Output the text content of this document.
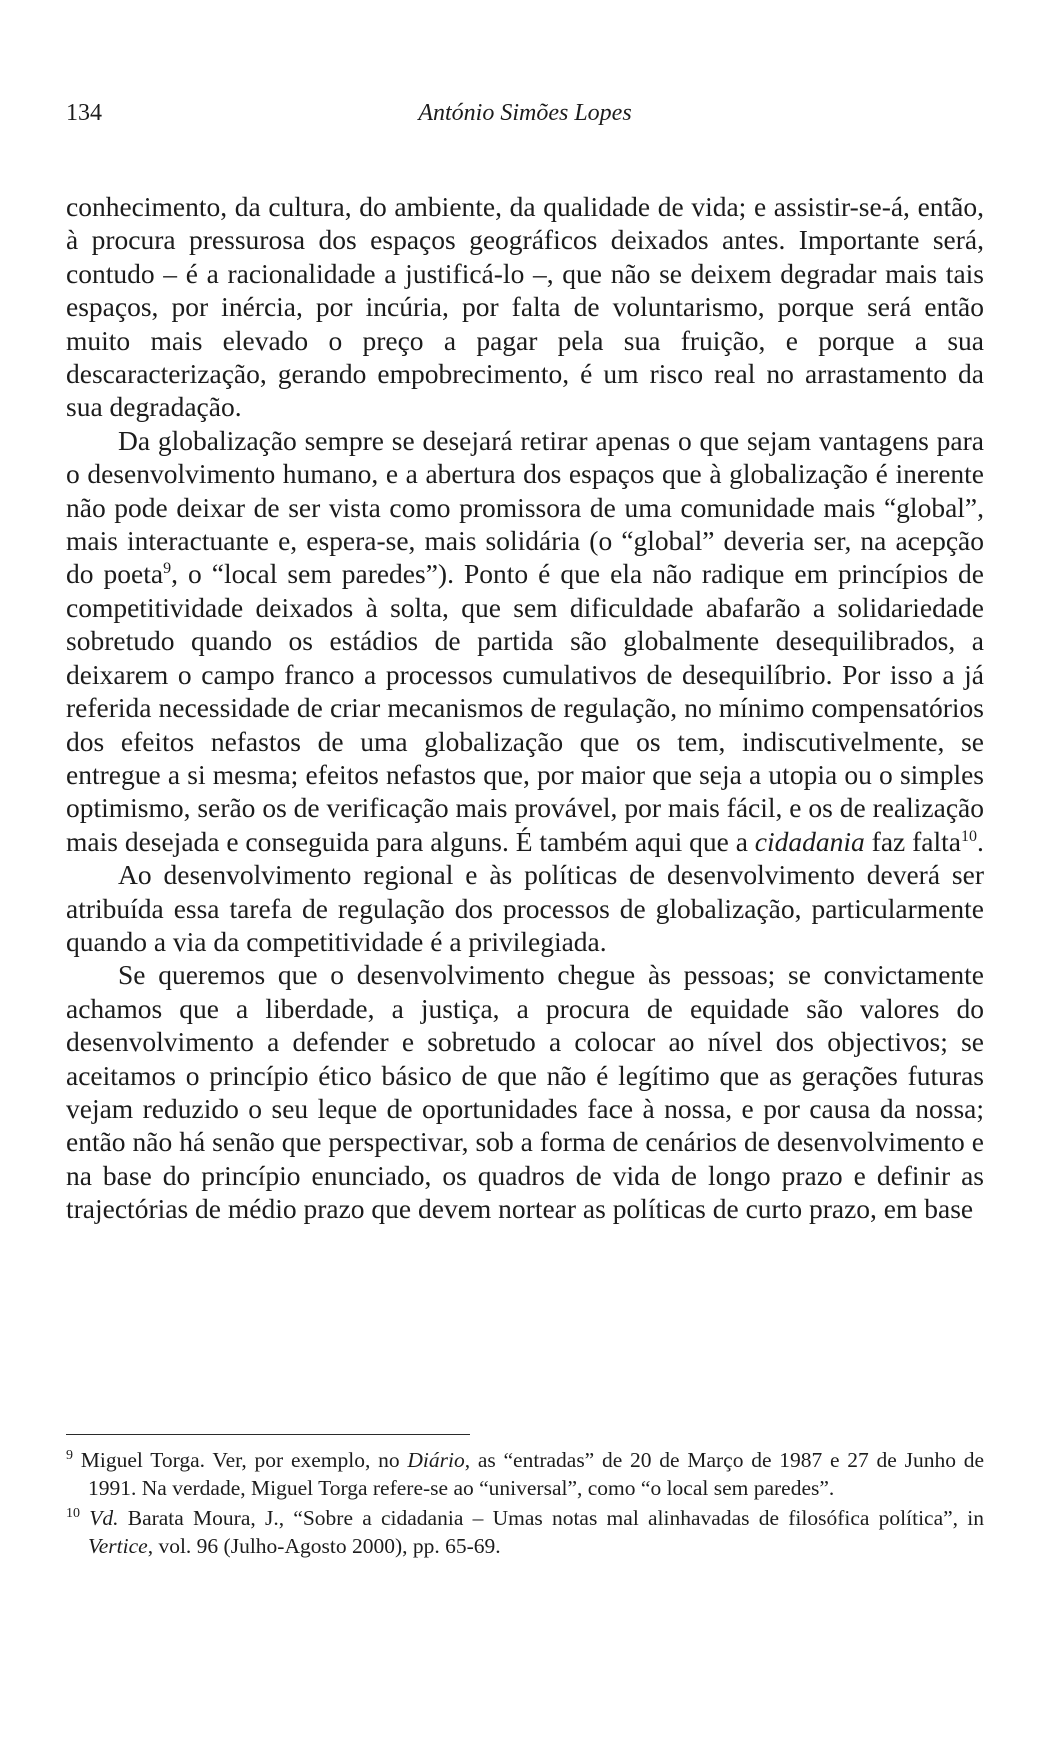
134	António Simões Lopes

conhecimento, da cultura, do ambiente, da qualidade de vida; e assistir-se-á, então, à procura pressurosa dos espaços geográficos deixados antes. Importante será, contudo – é a racionalidade a justificá-lo –, que não se deixem degradar mais tais espaços, por inércia, por incúria, por falta de voluntarismo, porque será então muito mais elevado o preço a pagar pela sua fruição, e porque a sua descaracterização, gerando empobrecimento, é um risco real no arrastamento da sua degradação.

Da globalização sempre se desejará retirar apenas o que sejam vantagens para o desenvolvimento humano, e a abertura dos espaços que à globalização é inerente não pode deixar de ser vista como promissora de uma comunidade mais “global”, mais interactuante e, espera-se, mais solidária (o “global” deveria ser, na acepção do poeta$^9$, o “local sem paredes”). Ponto é que ela não radique em princípios de competitividade deixados à solta, que sem dificuldade abafarão a solidariedade sobretudo quando os estádios de partida são globalmente desequilibrados, a deixarem o campo franco a processos cumulativos de desequilíbrio. Por isso a já referida necessidade de criar mecanismos de regulação, no mínimo compensatórios dos efeitos nefastos de uma globalização que os tem, indiscutivelmente, se entregue a si mesma; efeitos nefastos que, por maior que seja a utopia ou o simples optimismo, serão os de verificação mais provável, por mais fácil, e os de realização mais desejada e conseguida para alguns. É também aqui que a cidadania faz falta$^{10}$.

Ao desenvolvimento regional e às políticas de desenvolvimento deverá ser atribuída essa tarefa de regulação dos processos de globalização, particularmente quando a via da competitividade é a privilegiada.

Se queremos que o desenvolvimento chegue às pessoas; se convictamente achamos que a liberdade, a justiça, a procura de equidade são valores do desenvolvimento a defender e sobretudo a colocar ao nível dos objectivos; se aceitamos o princípio ético básico de que não é legítimo que as gerações futuras vejam reduzido o seu leque de oportunidades face à nossa, e por causa da nossa; então não há senão que perspectivar, sob a forma de cenários de desenvolvimento e na base do princípio enunciado, os quadros de vida de longo prazo e definir as trajectórias de médio prazo que devem nortear as políticas de curto prazo, em base

$^9$ Miguel Torga. Ver, por exemplo, no Diário, as “entradas” de 20 de Março de 1987 e 27 de Junho de 1991. Na verdade, Miguel Torga refere-se ao “universal”, como “o local sem paredes”.

$^{10}$ Vd. Barata Moura, J., “Sobre a cidadania – Umas notas mal alinhavadas de filosófica política”, in Vertice, vol. 96 (Julho-Agosto 2000), pp. 65-69.
